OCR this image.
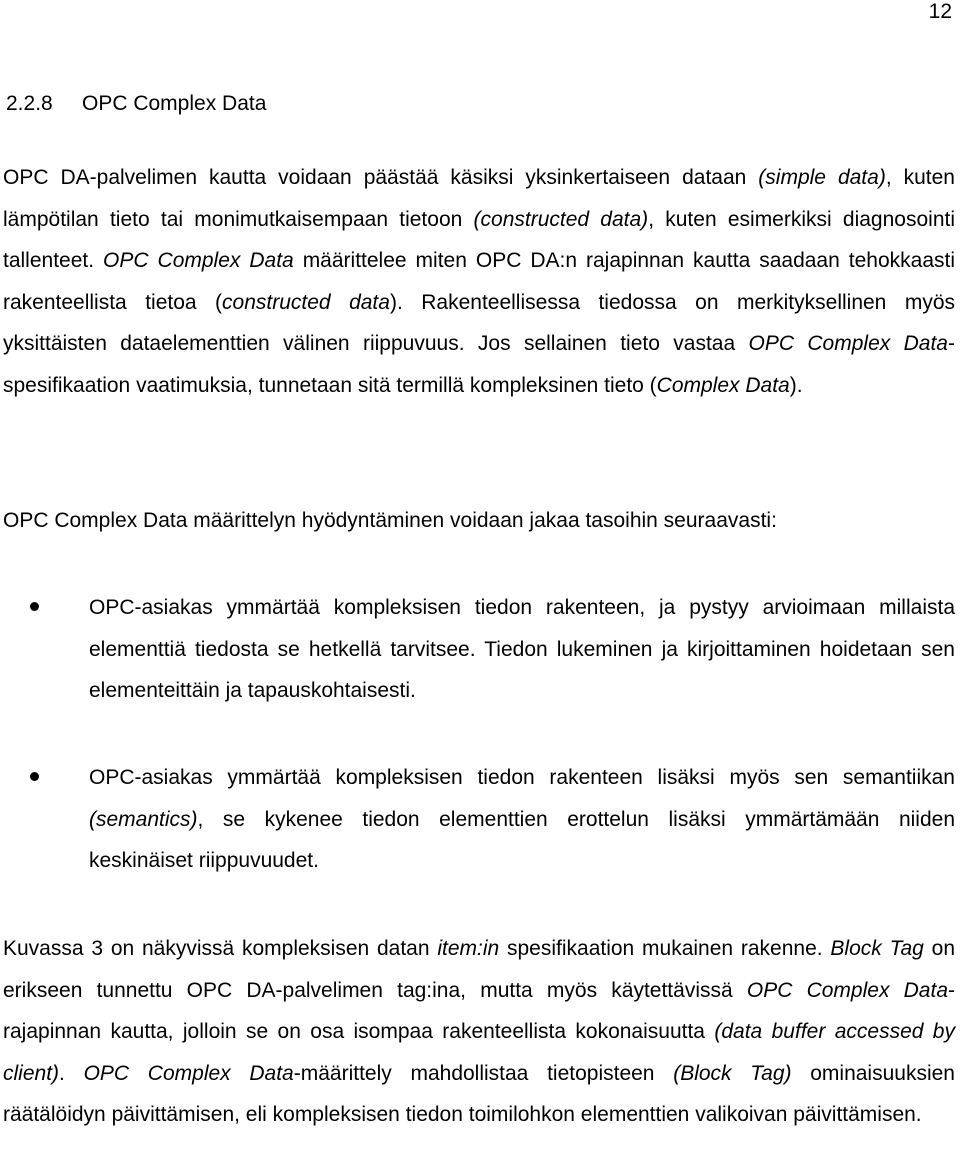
12
2.2.8 OPC Complex Data

OPC DA-palvelimen kautta voidaan päästää käsiksi yksinkertaiseen dataan (simple data), kuten lämpötilan tieto tai monimutkaisempaan tietoon (constructed data), kuten esimerkiksi diagnosointi tallenteet. OPC Complex Data määrittelee miten OPC DA:n rajapinnan kautta saadaan tehokkaasti rakenteellista tietoa (constructed data). Rakenteellisessa tiedossa on merkityksellinen myös yksittäisten dataelementtien välinen riippuvuus. Jos sellainen tieto vastaa OPC Complex Data-spesifikaation vaatimuksia, tunnetaan sitä termillä kompleksinen tieto (Complex Data).

OPC Complex Data määrittelyn hyödyntäminen voidaan jakaa tasoihin seuraavasti:

OPC-asiakas ymmärtää kompleksisen tiedon rakenteen, ja pystyy arvioimaan millaista elementtiä tiedosta se hetkellä tarvitsee. Tiedon lukeminen ja kirjoittaminen hoidetaan sen elementeittäin ja tapauskohtaisesti.

OPC-asiakas ymmärtää kompleksisen tiedon rakenteen lisäksi myös sen semantiikan (semantics), se kykenee tiedon elementtien erottelun lisäksi ymmärtämään niiden keskinäiset riippuvuudet.

Kuvassa 3 on näkyvissä kompleksisen datan item:in spesifikaation mukainen rakenne. Block Tag on erikseen tunnettu OPC DA-palvelimen tag:ina, mutta myös käytettävissä OPC Complex Data-rajapinnan kautta, jolloin se on osa isompaa rakenteellista kokonaisuutta (data buffer accessed by client). OPC Complex Data-määrittely mahdollistaa tietopisteen (Block Tag) ominaisuuksien räätälöidyn päivittämisen, eli kompleksisen tiedon toimilohkon elementtien valikoivan päivittämisen.
